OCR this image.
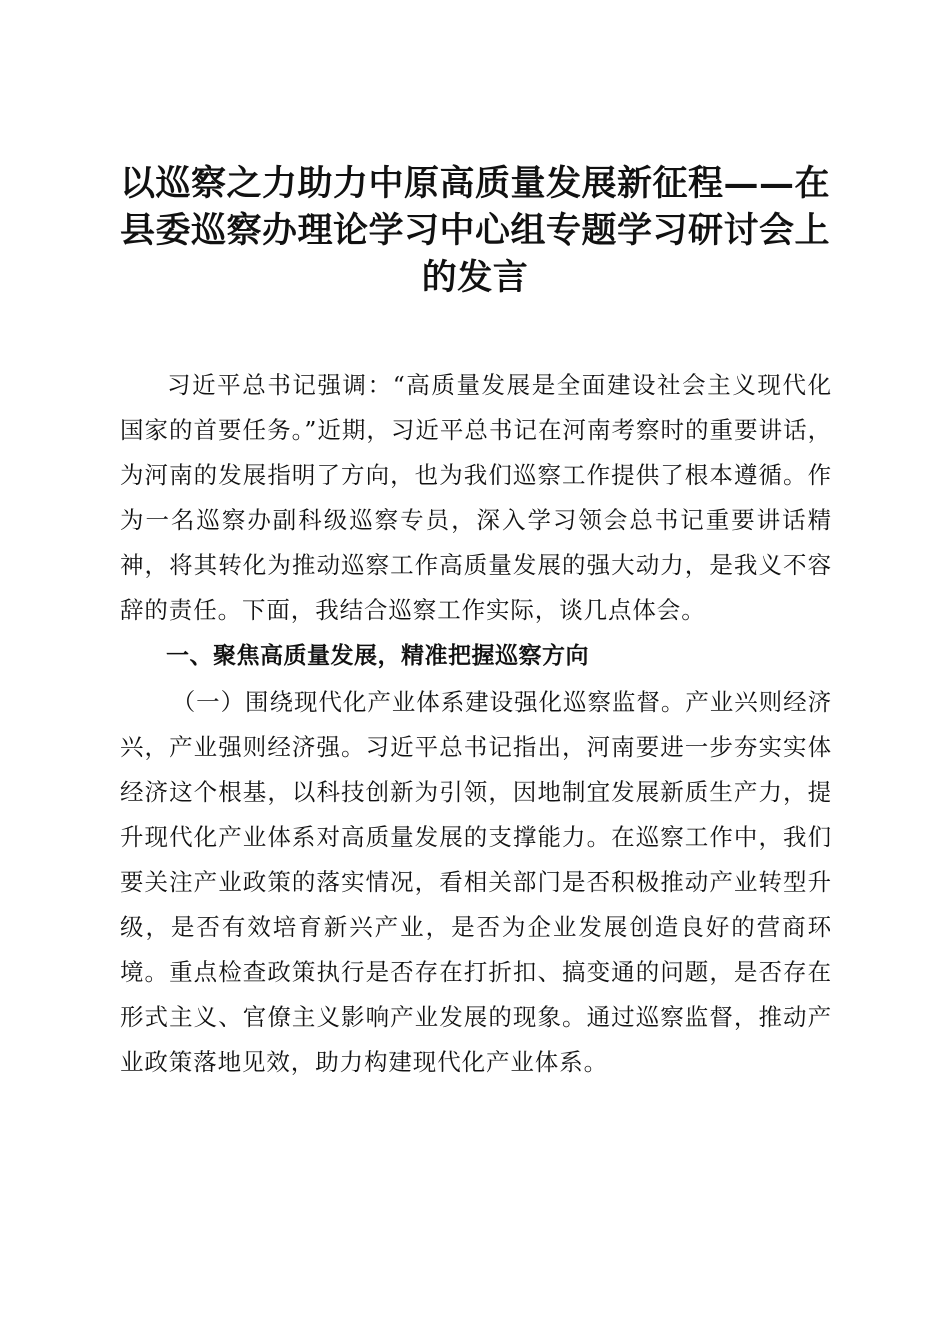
以巡察之力助力中原高质量发展新征程——在县委巡察办理论学习中心组专题学习研讨会上的发言

习近平总书记强调：“高质量发展是全面建设社会主义现代化国家的首要任务。”近期，习近平总书记在河南考察时的重要讲话，为河南的发展指明了方向，也为我们巡察工作提供了根本遵循。作为一名巡察办副科级巡察专员，深入学习领会总书记重要讲话精神，将其转化为推动巡察工作高质量发展的强大动力，是我义不容辞的责任。下面，我结合巡察工作实际，谈几点体会。

一、聚焦高质量发展，精准把握巡察方向

（一）围绕现代化产业体系建设强化巡察监督。产业兴则经济兴，产业强则经济强。习近平总书记指出，河南要进一步夯实实体经济这个根基，以科技创新为引领，因地制宜发展新质生产力，提升现代化产业体系对高质量发展的支撑能力。在巡察工作中，我们要关注产业政策的落实情况，看相关部门是否积极推动产业转型升级，是否有效培育新兴产业，是否为企业发展创造良好的营商环境。重点检查政策执行是否存在打折扣、搞变通的问题，是否存在形式主义、官僚主义影响产业发展的现象。通过巡察监督，推动产业政策落地见效，助力构建现代化产业体系。
